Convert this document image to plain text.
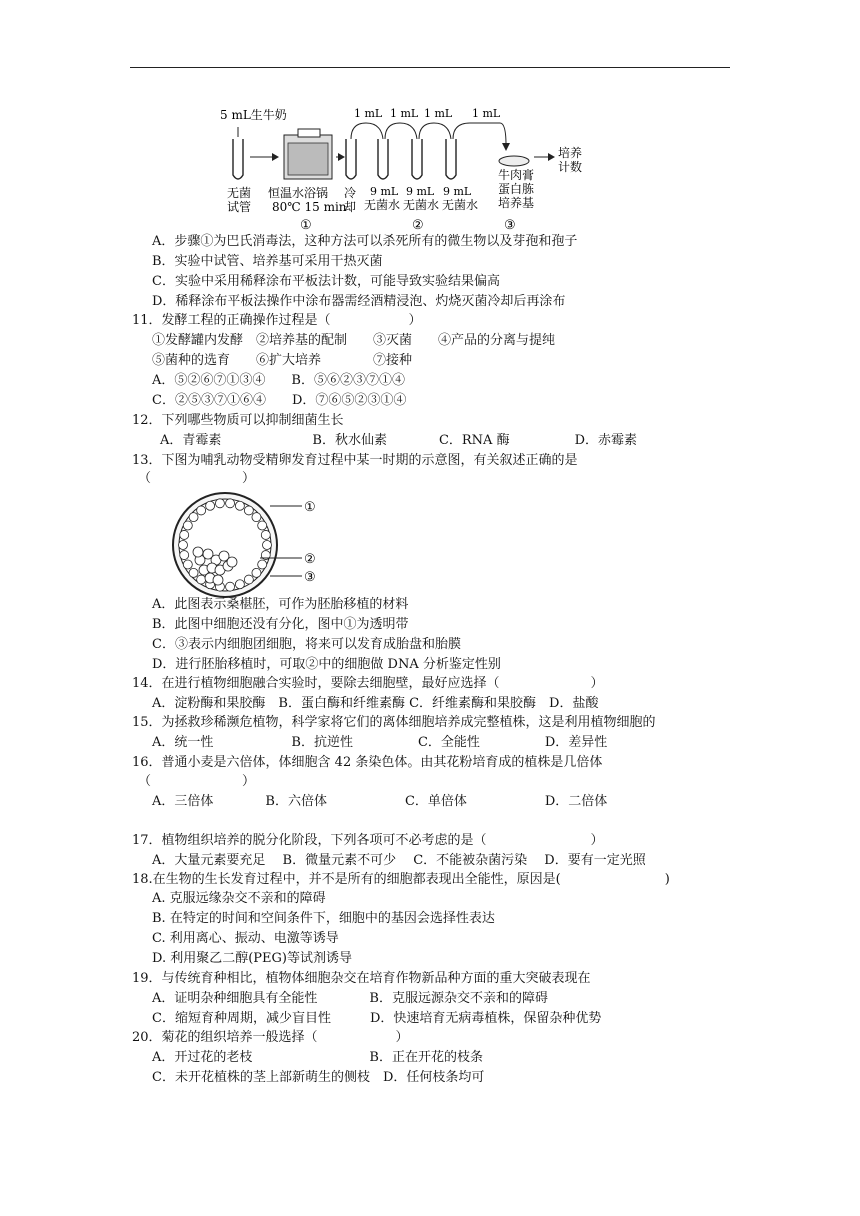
5 mL生牛奶
无菌
试管
恒温水浴锅
80℃ 15 min
①
冷
却
1 mL 1 mL 1 mL 1 mL
9 mL 9 mL 9 mL
无菌水 无菌水 无菌水
②
培养
计数
牛肉膏
蛋白胨
培养基
③
①
②
③
A．步骤①为巴氏消毒法，这种方法可以杀死所有的微生物以及芽孢和孢子
B．实验中试管、培养基可采用干热灭菌
C．实验中采用稀释涂布平板法计数，可能导致实验结果偏高
D．稀释涂布平板法操作中涂布器需经酒精浸泡、灼烧灭菌冷却后再涂布
11．发酵工程的正确操作过程是（　　　　　　）
①发酵罐内发酵　②培养基的配制　　③灭菌　　④产品的分离与提纯
⑤菌种的选育　　⑥扩大培养　　　　⑦接种
A．⑤②⑥⑦①③④　　B．⑤⑥②③⑦①④
C．②⑤③⑦①⑥④　　D．⑦⑥⑤②③①④
12．下列哪些物质可以抑制细菌生长
A．青霉素　　　　　　　B．秋水仙素　　　　C．RNA 酶　　　　　D．赤霉素
13．下图为哺乳动物受精卵发育过程中某一时期的示意图，有关叙述正确的是
（　　　　　　　）
A．此图表示桑椹胚，可作为胚胎移植的材料
B．此图中细胞还没有分化，图中①为透明带
C．③表示内细胞团细胞，将来可以发育成胎盘和胎膜
D．进行胚胎移植时，可取②中的细胞做 DNA 分析鉴定性别
14．在进行植物细胞融合实验时，要除去细胞壁，最好应选择（　　　　　　　）
A．淀粉酶和果胶酶　B．蛋白酶和纤维素酶 C．纤维素酶和果胶酶　D．盐酸
15．为拯救珍稀濒危植物，科学家将它们的离体细胞培养成完整植株，这是利用植物细胞的
A．统一性　　　　　　B．抗逆性　　　　　C．全能性　　　　　D．差异性
16．普通小麦是六倍体，体细胞含 42 条染色体。由其花粉培育成的植株是几倍体
（　　　　　　　）
A．三倍体　　　　B．六倍体　　　　　　C．单倍体　　　　　　D．二倍体
17．植物组织培养的脱分化阶段，下列各项可不必考虑的是（　　　　　　　　）
A．大量元素要充足　 B．微量元素不可少　 C．不能被杂菌污染　 D．要有一定光照
18.在生物的生长发育过程中，并不是所有的细胞都表现出全能性，原因是(　　　　　　　　)
A. 克服远缘杂交不亲和的障碍
B. 在特定的时间和空间条件下，细胞中的基因会选择性表达
C. 利用离心、振动、电激等诱导
D. 利用聚乙二醇(PEG)等试剂诱导
19．与传统育种相比，植物体细胞杂交在培育作物新品种方面的重大突破表现在
A．证明杂种细胞具有全能性　　　　B．克服远源杂交不亲和的障碍
C．缩短育种周期，减少盲目性　　　D．快速培育无病毒植株，保留杂种优势
20．菊花的组织培养一般选择（　　　　　　）
A．开过花的老枝　　　　　　　　　B．正在开花的枝条
C．未开花植株的茎上部新萌生的侧枝　D．任何枝条均可
